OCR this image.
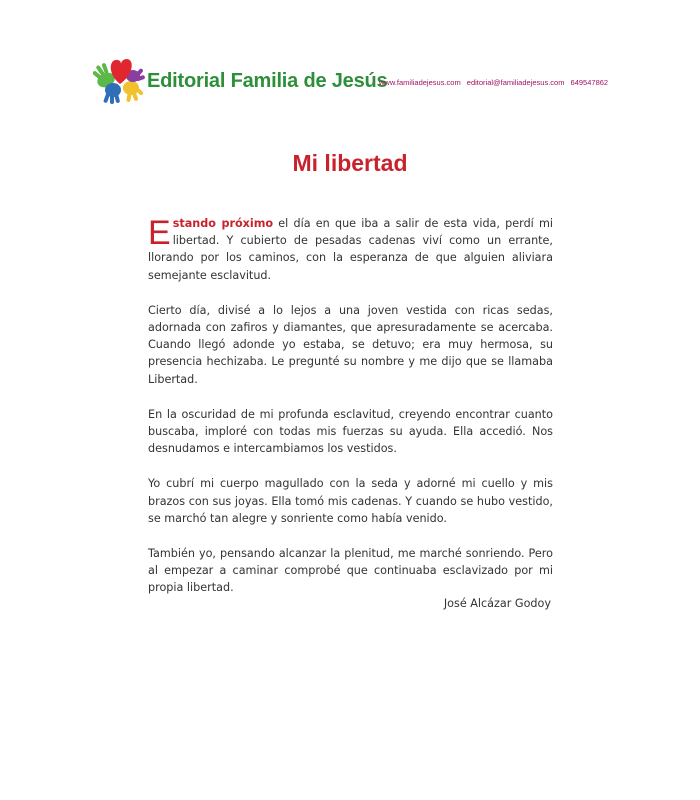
Editorial Familia de Jesús
www.familiadejesus.com editorial@familiadejesus.com 649547862
Mi libertad

Estando próximo el día en que iba a salir de esta vida, perdí mi libertad. Y cubierto de pesadas cadenas viví como un errante, llorando por los caminos, con la esperanza de que alguien aliviara semejante esclavitud.

Cierto día, divisé a lo lejos a una joven vestida con ricas sedas, adornada con zafiros y diamantes, que apresuradamente se acercaba. Cuando llegó adonde yo estaba, se detuvo; era muy hermosa, su presencia hechizaba. Le pregunté su nombre y me dijo que se llamaba Libertad.

En la oscuridad de mi profunda esclavitud, creyendo encontrar cuanto buscaba, imploré con todas mis fuerzas su ayuda. Ella accedió. Nos desnudamos e intercambiamos los vestidos.

Yo cubrí mi cuerpo magullado con la seda y adorné mi cuello y mis brazos con sus joyas. Ella tomó mis cadenas. Y cuando se hubo vestido, se marchó tan alegre y sonriente como había venido.

También yo, pensando alcanzar la plenitud, me marché sonriendo. Pero al empezar a caminar comprobé que continuaba esclavizado por mi propia libertad.

José Alcázar Godoy
